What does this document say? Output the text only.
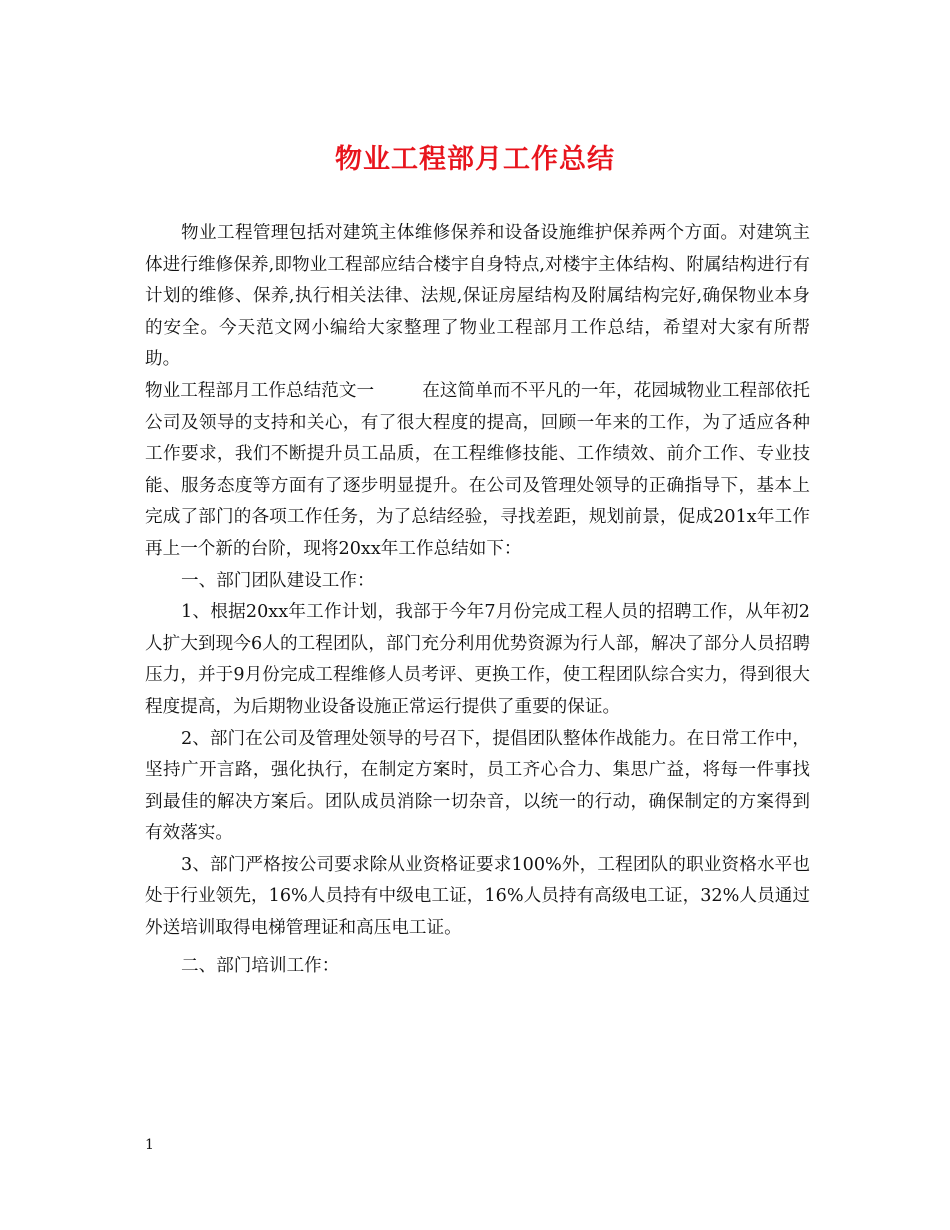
物业工程部月工作总结

物业工程管理包括对建筑主体维修保养和设备设施维护保养两个方面。对建筑主体进行维修保养,即物业工程部应结合楼宇自身特点,对楼宇主体结构、附属结构进行有计划的维修、保养,执行相关法律、法规,保证房屋结构及附属结构完好,确保物业本身的安全。今天范文网小编给大家整理了物业工程部月工作总结，希望对大家有所帮助。

物业工程部月工作总结范文一	在这简单而不平凡的一年，花园城物业工程部依托公司及领导的支持和关心，有了很大程度的提高，回顾一年来的工作，为了适应各种工作要求，我们不断提升员工品质，在工程维修技能、工作绩效、前介工作、专业技能、服务态度等方面有了逐步明显提升。在公司及管理处领导的正确指导下，基本上完成了部门的各项工作任务，为了总结经验，寻找差距，规划前景，促成201x年工作再上一个新的台阶，现将20xx年工作总结如下：

一、部门团队建设工作：

1、根据20xx年工作计划，我部于今年7月份完成工程人员的招聘工作，从年初2人扩大到现今6人的工程团队，部门充分利用优势资源为行人部，解决了部分人员招聘压力，并于9月份完成工程维修人员考评、更换工作，使工程团队综合实力，得到很大程度提高，为后期物业设备设施正常运行提供了重要的保证。

2、部门在公司及管理处领导的号召下，提倡团队整体作战能力。在日常工作中，坚持广开言路，强化执行，在制定方案时，员工齐心合力、集思广益，将每一件事找到最佳的解决方案后。团队成员消除一切杂音，以统一的行动，确保制定的方案得到有效落实。

3、部门严格按公司要求除从业资格证要求100%外，工程团队的职业资格水平也处于行业领先，16%人员持有中级电工证，16%人员持有高级电工证，32%人员通过外送培训取得电梯管理证和高压电工证。

二、部门培训工作：

1
